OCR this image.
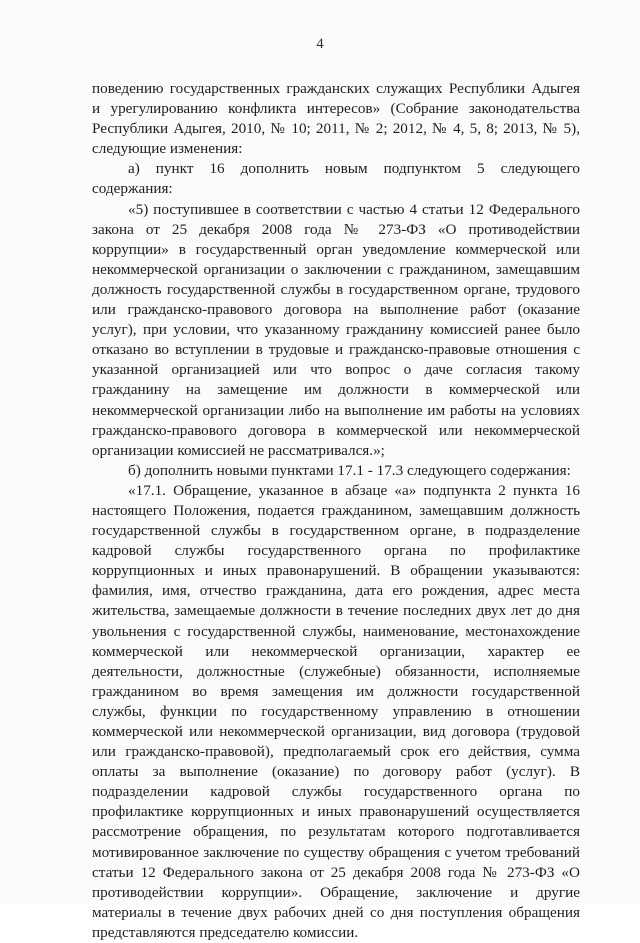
4
поведению государственных гражданских служащих Республики Адыгея
и урегулированию конфликта интересов» (Собрание законодательства
Республики Адыгея, 2010, № 10; 2011, № 2; 2012, № 4, 5, 8; 2013, № 5),
следующие изменения:
а) пункт 16 дополнить новым подпунктом 5 следующего
содержания:
«5) поступившее в соответствии с частью 4 статьи 12 Федерального
закона от 25 декабря 2008 года № 273-ФЗ «О противодействии
коррупции» в государственный орган уведомление коммерческой или
некоммерческой организации о заключении с гражданином, замещавшим
должность государственной службы в государственном органе, трудового
или гражданско-правового договора на выполнение работ (оказание
услуг), при условии, что указанному гражданину комиссией ранее было
отказано во вступлении в трудовые и гражданско-правовые отношения с
указанной организацией или что вопрос о даче согласия такому
гражданину на замещение им должности в коммерческой или
некоммерческой организации либо на выполнение им работы на условиях
гражданско-правового договора в коммерческой или некоммерческой
организации комиссией не рассматривался.»;
б) дополнить новыми пунктами 17.1 - 17.3 следующего содержания:
«17.1. Обращение, указанное в абзаце «а» подпункта 2 пункта 16
настоящего Положения, подается гражданином, замещавшим должность
государственной службы в государственном органе, в подразделение
кадровой службы государственного органа по профилактике
коррупционных и иных правонарушений. В обращении указываются:
фамилия, имя, отчество гражданина, дата его рождения, адрес места
жительства, замещаемые должности в течение последних двух лет до дня
увольнения с государственной службы, наименование, местонахождение
коммерческой или некоммерческой организации, характер ее
деятельности, должностные (служебные) обязанности, исполняемые
гражданином во время замещения им должности государственной
службы, функции по государственному управлению в отношении
коммерческой или некоммерческой организации, вид договора (трудовой
или гражданско-правовой), предполагаемый срок его действия, сумма
оплаты за выполнение (оказание) по договору работ (услуг). В
подразделении кадровой службы государственного органа по
профилактике коррупционных и иных правонарушений осуществляется
рассмотрение обращения, по результатам которого подготавливается
мотивированное заключение по существу обращения с учетом требований
статьи 12 Федерального закона от 25 декабря 2008 года № 273-ФЗ «О
противодействии коррупции». Обращение, заключение и другие
материалы в течение двух рабочих дней со дня поступления обращения
представляются председателю комиссии.
